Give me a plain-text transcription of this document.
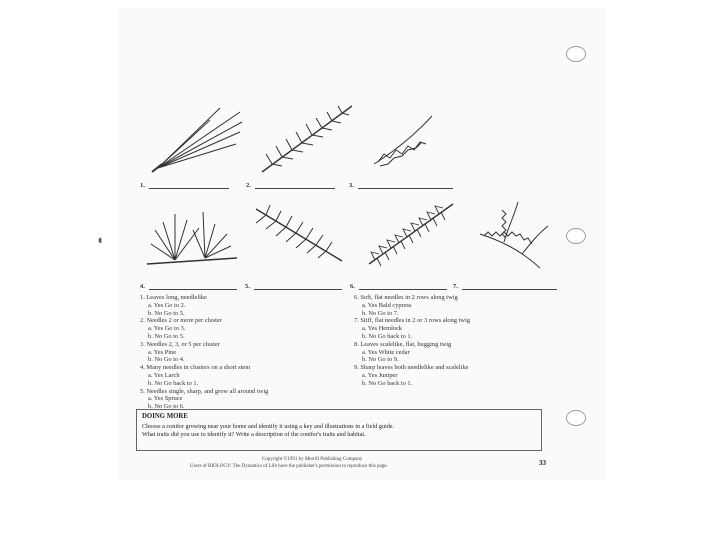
◖
1.	2.	3.
4.	5.	6.	7.
1. Leaves long, needlelike
a. Yes Go to 2.
b. No Go to 5.
2. Needles 2 or more per cluster
a. Yes Go to 3.
b. No Go to 5.
3. Needles 2, 3, or 5 per cluster
a. Yes Pine
b. No Go to 4.
4. Many needles in clusters on a short stem
a. Yes Larch
b. No Go back to 1.
5. Needles single, sharp, and grow all around twig
a. Yes Spruce
b. No Go to 6.
6. Soft, flat needles in 2 rows along twig
a. Yes Bald cypress
b. No Go to 7.
7. Stiff, flat needles in 2 or 3 rows along twig
a. Yes Hemlock
b. No Go back to 1.
8. Leaves scalelike, flat, hugging twig
a. Yes White cedar
b. No Go to 9.
9. Sharp leaves both needlelike and scalelike
a. Yes Juniper
b. No Go back to 1.
DOING MORE
Choose a conifer growing near your home and identify it using a key and illustrations in a field guide.
What traits did you use to identify it? Write a description of the conifer's traits and habitat.
Copyright ©1991 by Merrill Publishing Company
Users of BIOLOGY: The Dynamics of Life have the publisher's permission to reproduce this page.	33
